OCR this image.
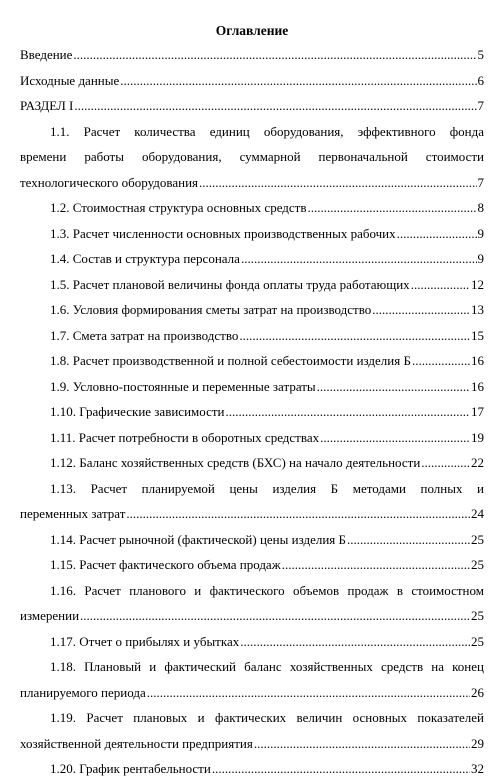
Оглавление
Введение .....	5
Исходные данные .....	6
РАЗДЕЛ I .....	7
1.1. Расчет количества единиц оборудования, эффективного фонда
времени работы оборудования, суммарной первоначальной стоимости
технологического оборудования .....	7
1.2. Стоимостная структура основных средств .....	8
1.3. Расчет численности основных производственных рабочих .....	9
1.4. Состав и структура персонала .....	9
1.5. Расчет плановой величины фонда оплаты труда работающих .....	12
1.6. Условия формирования сметы затрат на производство .....	13
1.7. Смета затрат на производство .....	15
1.8. Расчет производственной и полной себестоимости изделия Б .....	16
1.9. Условно-постоянные и переменные затраты .....	16
1.10. Графические зависимости .....	17
1.11. Расчет потребности в оборотных средствах .....	19
1.12. Баланс хозяйственных средств (БХС) на начало деятельности .....	22
1.13. Расчет планируемой цены изделия Б методами полных и
переменных затрат .....	24
1.14. Расчет рыночной (фактической) цены изделия Б .....	25
1.15. Расчет фактического объема продаж .....	25
1.16. Расчет планового и фактического объемов продаж в стоимостном
измерении .....	25
1.17. Отчет о прибылях и убытках .....	25
1.18. Плановый и фактический баланс хозяйственных средств на конец
планируемого периода .....	26
1.19. Расчет плановых и фактических величин основных показателей
хозяйственной деятельности предприятия .....	29
1.20. График рентабельности .....	32
